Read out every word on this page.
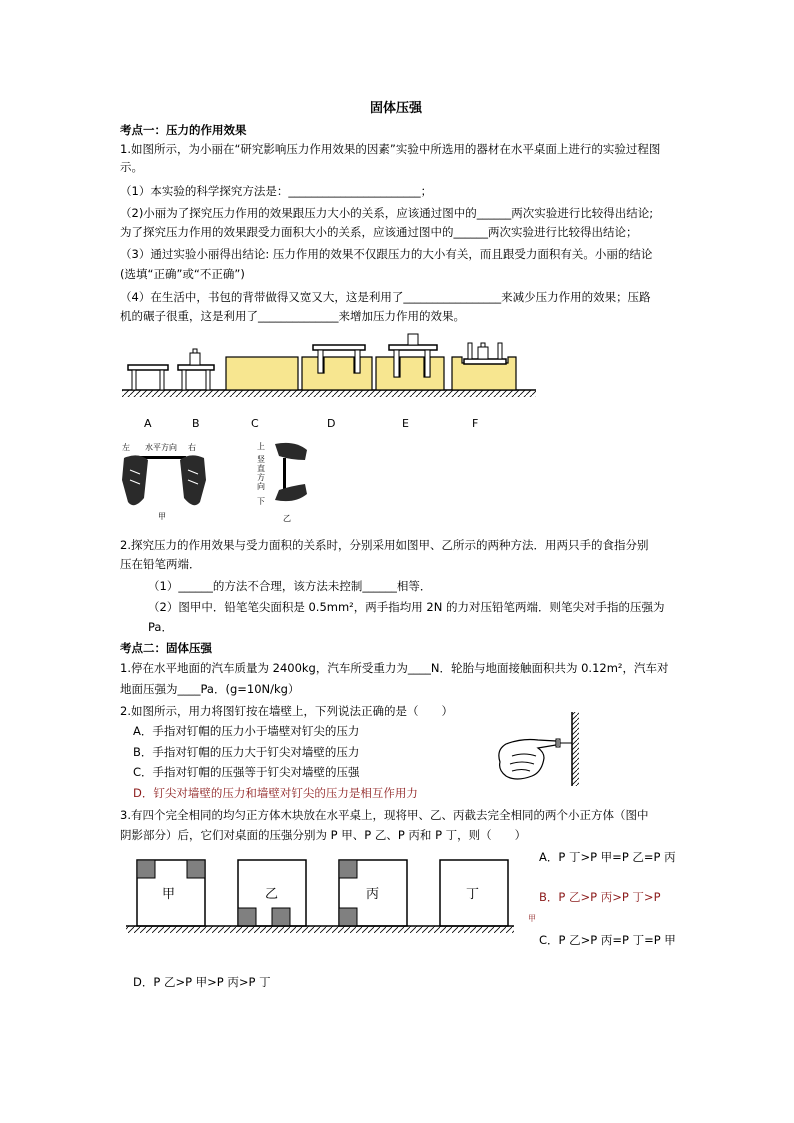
固体压强
考点一：压力的作用效果
1.如图所示，为小丽在“研究影响压力作用效果的因素”实验中所选用的器材在水平桌面上进行的实验过程图
示。
（1）本实验的科学探究方法是：_______________________；
（2)小丽为了探究压力作用的效果跟压力大小的关系，应该通过图中的______两次实验进行比较得出结论;
为了探究压力作用的效果跟受力面积大小的关系，应该通过图中的______两次实验进行比较得出结论；
（3）通过实验小丽得出结论: 压力作用的效果不仅跟压力的大小有关，而且跟受力面积有关。小丽的结论
(选填“正确”或“不正确”)
（4）在生活中，书包的背带做得又宽又大，这是利用了_________________来减少压力作用的效果；压路
机的碾子很重，这是利用了______________来增加压力作用的效果。
A	B	C	D	E	F
左 水平方向 右
甲
上
竖直方向
下
乙
2.探究压力的作用效果与受力面积的关系时，分别采用如图甲、乙所示的两种方法．用两只手的食指分别
压在铅笔两端．
（1）______的方法不合理，该方法未控制______相等．
（2）图甲中．铅笔笔尖面积是 0.5mm²，两手指均用 2N 的力对压铅笔两端．则笔尖对手指的压强为
Pa．
考点二：固体压强
1.停在水平地面的汽车质量为 2400kg，汽车所受重力为____N．轮胎与地面接触面积共为 0.12m²，汽车对
地面压强为____Pa．(g=10N/kg）
2.如图所示，用力将图钉按在墙壁上，下列说法正确的是（　　）
A．手指对钉帽的压力小于墙壁对钉尖的压力
B．手指对钉帽的压力大于钉尖对墙壁的压力
C．手指对钉帽的压强等于钉尖对墙壁的压强
D．钉尖对墙壁的压力和墙壁对钉尖的压力是相互作用力
3.有四个完全相同的均匀正方体木块放在水平桌上，现将甲、乙、丙截去完全相同的两个小正方体（图中
阴影部分）后，它们对桌面的压强分别为 P 甲、P 乙、P 丙和 P 丁，则（　　）
甲	乙	丙	丁
A．P 丁>P 甲=P 乙=P 丙
B．P 乙>P 丙>P 丁>P
甲
C．P 乙>P 丙=P 丁=P 甲
D．P 乙>P 甲>P 丙>P 丁
